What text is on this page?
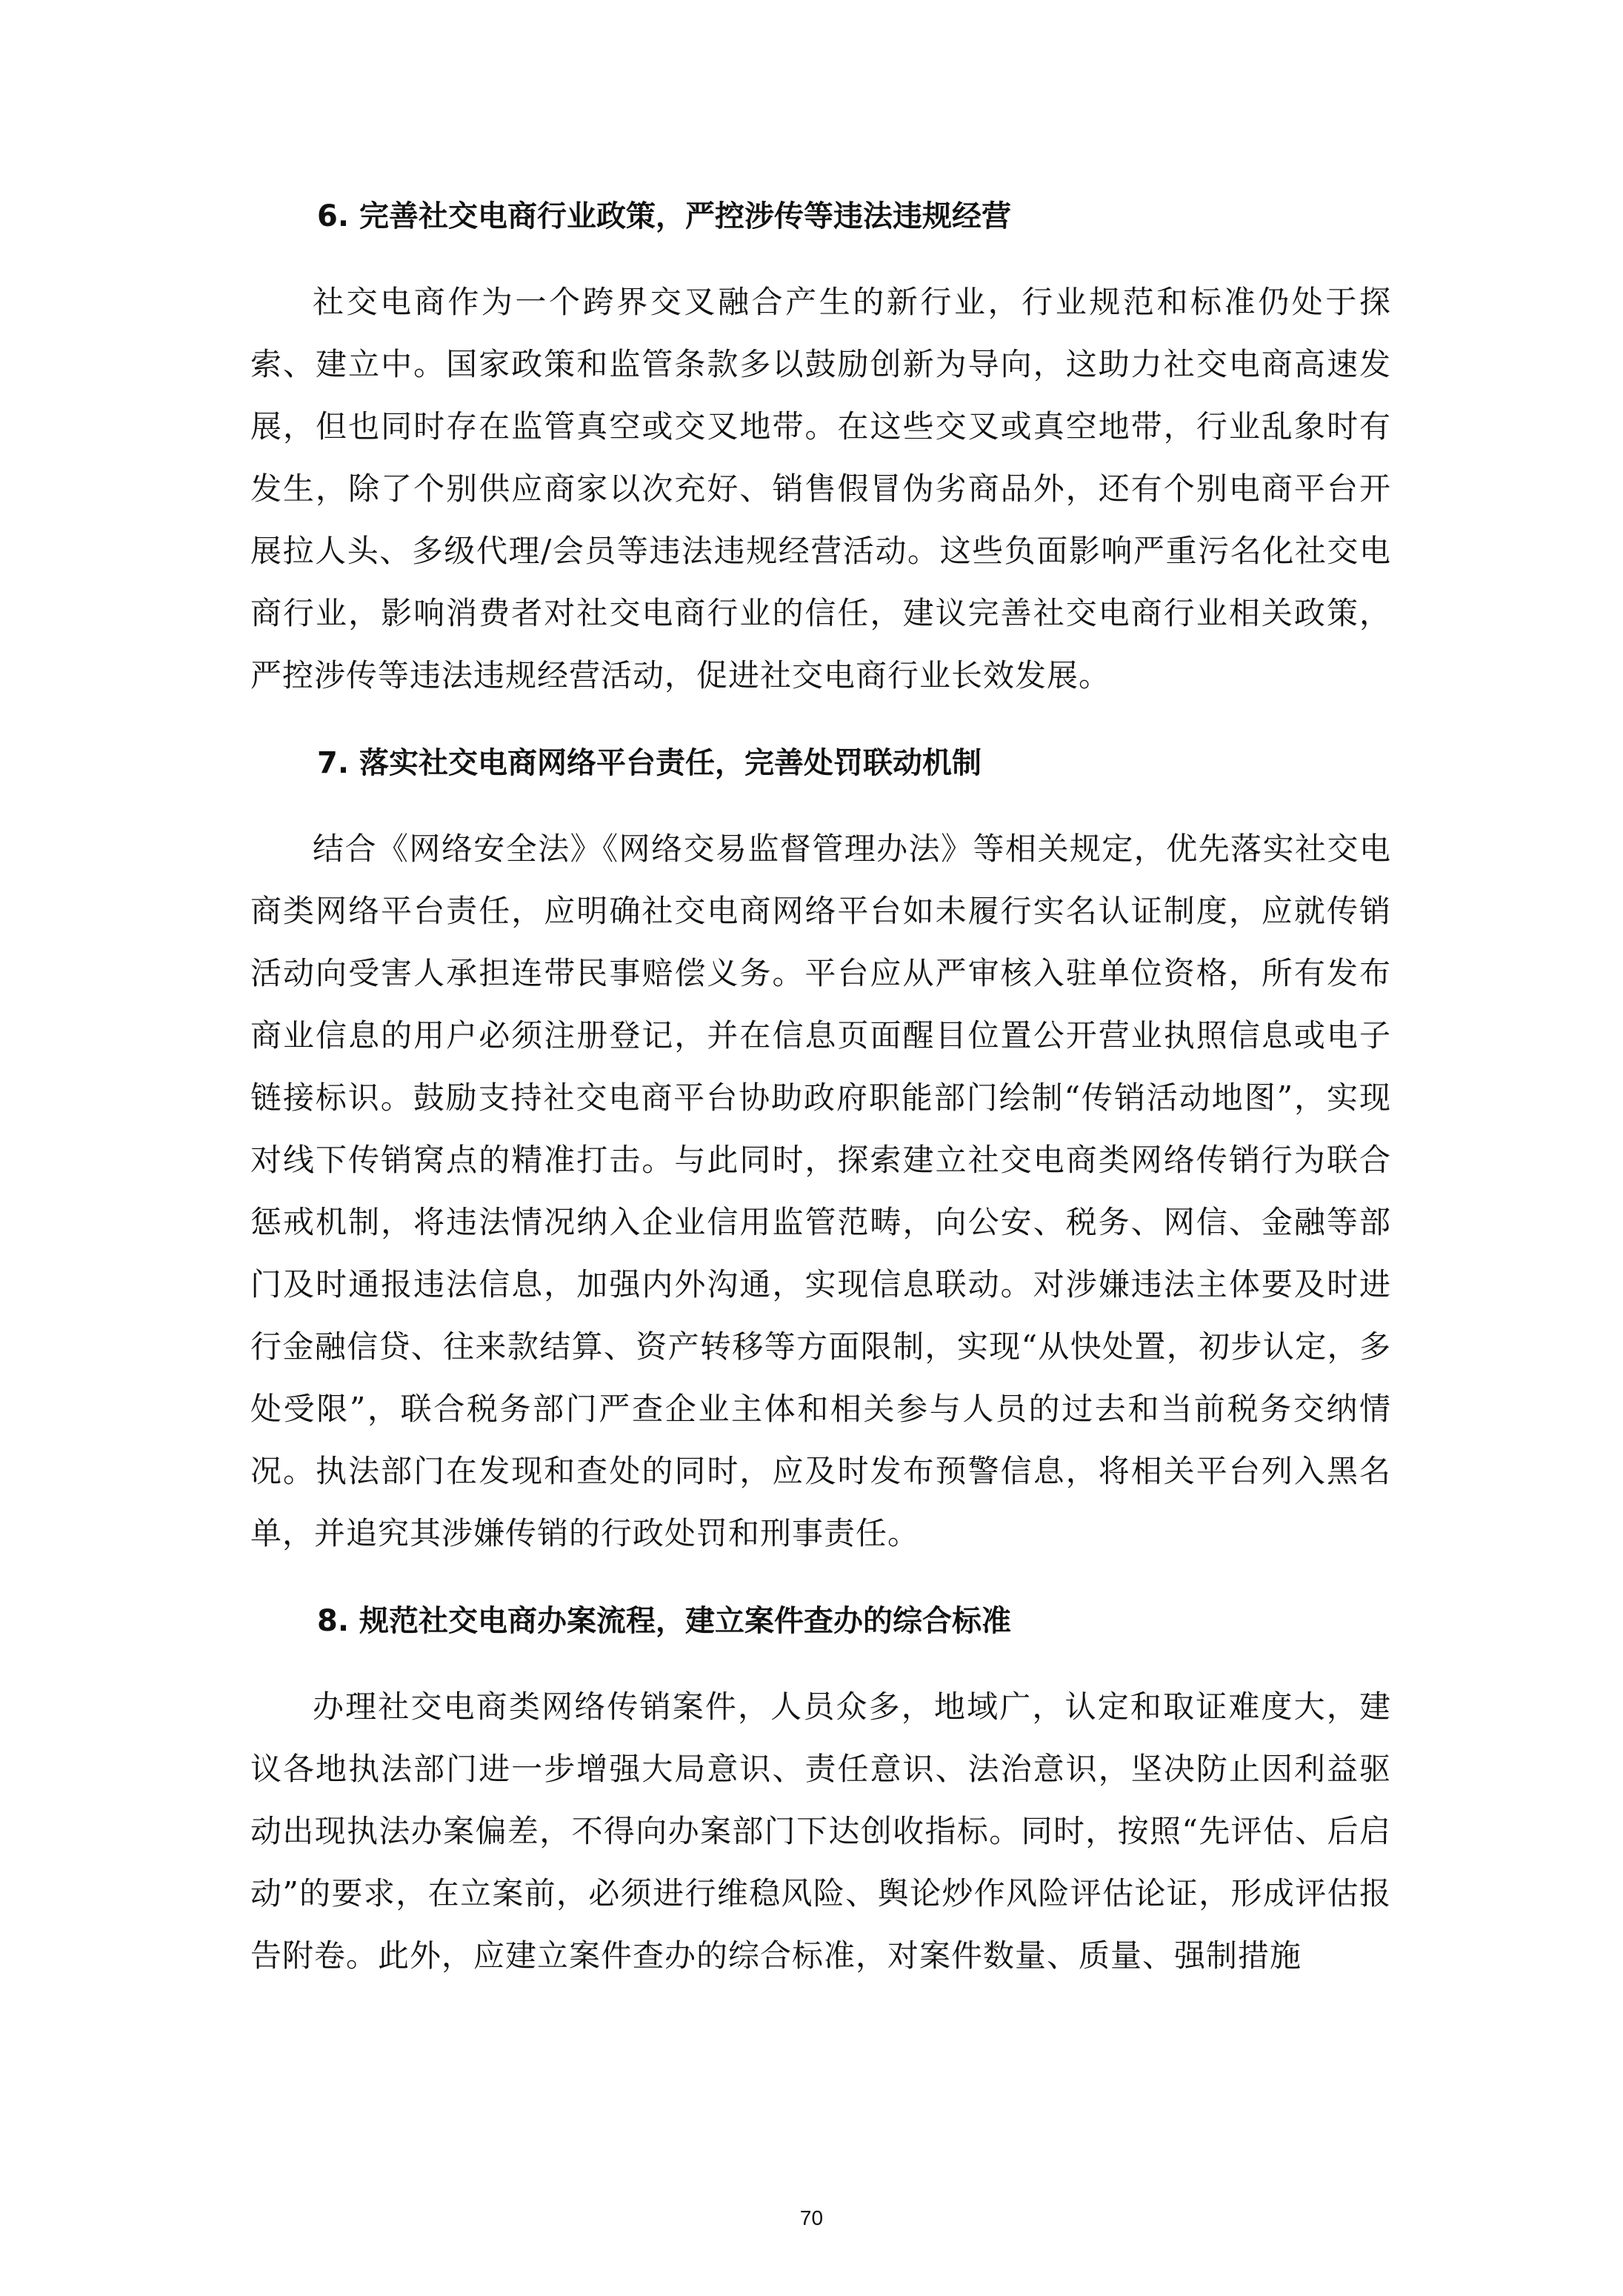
6. 完善社交电商行业政策，严控涉传等违法违规经营

社交电商作为一个跨界交叉融合产生的新行业，行业规范和标准仍处于探索、建立中。国家政策和监管条款多以鼓励创新为导向，这助力社交电商高速发展，但也同时存在监管真空或交叉地带。在这些交叉或真空地带，行业乱象时有发生，除了个别供应商家以次充好、销售假冒伪劣商品外，还有个别电商平台开展拉人头、多级代理/会员等违法违规经营活动。这些负面影响严重污名化社交电商行业，影响消费者对社交电商行业的信任，建议完善社交电商行业相关政策，严控涉传等违法违规经营活动，促进社交电商行业长效发展。

7. 落实社交电商网络平台责任，完善处罚联动机制

结合《网络安全法》《网络交易监督管理办法》等相关规定，优先落实社交电商类网络平台责任，应明确社交电商网络平台如未履行实名认证制度，应就传销活动向受害人承担连带民事赔偿义务。平台应从严审核入驻单位资格，所有发布商业信息的用户必须注册登记，并在信息页面醒目位置公开营业执照信息或电子链接标识。鼓励支持社交电商平台协助政府职能部门绘制“传销活动地图”，实现对线下传销窝点的精准打击。与此同时，探索建立社交电商类网络传销行为联合惩戒机制，将违法情况纳入企业信用监管范畴，向公安、税务、网信、金融等部门及时通报违法信息，加强内外沟通，实现信息联动。对涉嫌违法主体要及时进行金融信贷、往来款结算、资产转移等方面限制，实现“从快处置，初步认定，多处受限”，联合税务部门严查企业主体和相关参与人员的过去和当前税务交纳情况。执法部门在发现和查处的同时，应及时发布预警信息，将相关平台列入黑名单，并追究其涉嫌传销的行政处罚和刑事责任。

8. 规范社交电商办案流程，建立案件查办的综合标准

办理社交电商类网络传销案件，人员众多，地域广，认定和取证难度大，建议各地执法部门进一步增强大局意识、责任意识、法治意识，坚决防止因利益驱动出现执法办案偏差，不得向办案部门下达创收指标。同时，按照“先评估、后启动”的要求，在立案前，必须进行维稳风险、舆论炒作风险评估论证，形成评估报告附卷。此外，应建立案件查办的综合标准，对案件数量、质量、强制措施

70
